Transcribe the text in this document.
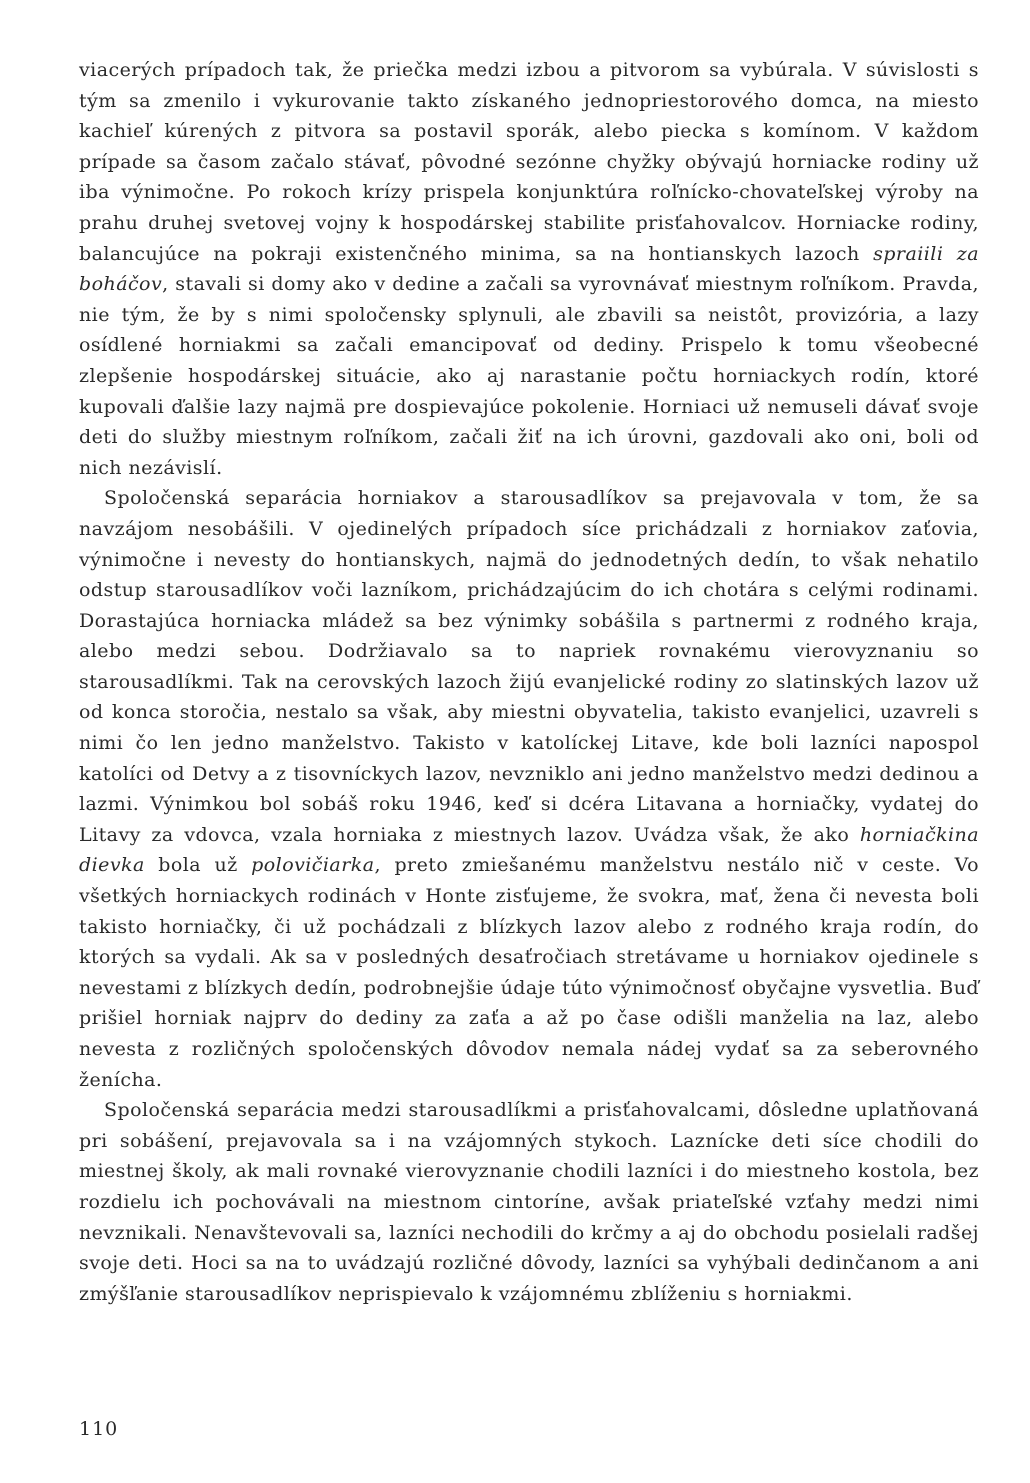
viacerých prípadoch tak, že priečka medzi izbou a pitvorom sa vybúrala. V súvislosti s tým sa zmenilo i vykurovanie takto získaného jednopriestorového domca, na miesto kachieľ kúrených z pitvora sa postavil sporák, alebo piecka s komínom. V každom prípade sa časom začalo stávať, pôvodné sezónne chyžky obývajú horniacke rodiny už iba výnimočne. Po rokoch krízy prispela konjunktúra roľnícko-chovateľskej výroby na prahu druhej svetovej vojny k hospodárskej stabilite prisťahovalcov. Horniacke rodiny, balancujúce na pokraji existenčného minima, sa na hontianskych lazoch spraiili za boháčov, stavali si domy ako v dedine a začali sa vyrovnávať miestnym roľníkom. Pravda, nie tým, že by s nimi spoločensky splynuli, ale zbavili sa neistôt, provizória, a lazy osídlené horniakmi sa začali emancipovať od dediny. Prispelo k tomu všeobecné zlepšenie hospodárskej situácie, ako aj narastanie počtu horniackych rodín, ktoré kupovali ďalšie lazy najmä pre dospievajúce pokolenie. Horniaci už nemuseli dávať svoje deti do služby miestnym roľníkom, začali žiť na ich úrovni, gazdovali ako oni, boli od nich nezávislí.

Spoločenská separácia horniakov a starousadlíkov sa prejavovala v tom, že sa navzájom nesobášili. V ojedinelých prípadoch síce prichádzali z horniakov zaťovia, výnimočne i nevesty do hontianskych, najmä do jednodetných dedín, to však nehatilo odstup starousadlíkov voči lazníkom, prichádzajúcim do ich chotára s celými rodinami. Dorastajúca horniacka mládež sa bez výnimky sobášila s partnermi z rodného kraja, alebo medzi sebou. Dodržiavalo sa to napriek rovnakému vierovyznaniu so starousadlíkmi. Tak na cerovských lazoch žijú evanjelické rodiny zo slatinských lazov už od konca storočia, nestalo sa však, aby miestni obyvatelia, takisto evanjelici, uzavreli s nimi čo len jedno manželstvo. Takisto v katolíckej Litave, kde boli lazníci napospol katolíci od Detvy a z tisovníckych lazov, nevzniklo ani jedno manželstvo medzi dedinou a lazmi. Výnimkou bol sobáš roku 1946, keď si dcéra Litavana a horniačky, vydatej do Litavy za vdovca, vzala horniaka z miestnych lazov. Uvádza však, že ako horniačkina dievka bola už polovičiarka, preto zmiešanému manželstvu nestálo nič v ceste. Vo všetkých horniackych rodinách v Honte zisťujeme, že svokra, mať, žena či nevesta boli takisto horniačky, či už pochádzali z blízkych lazov alebo z rodného kraja rodín, do ktorých sa vydali. Ak sa v posledných desaťročiach stretávame u horniakov ojedinele s nevestami z blízkych dedín, podrobnejšie údaje túto výnimočnosť obyčajne vysvetlia. Buď prišiel horniak najprv do dediny za zaťa a až po čase odišli manželia na laz, alebo nevesta z rozličných spoločenských dôvodov nemala nádej vydať sa za seberovného ženícha.

Spoločenská separácia medzi starousadlíkmi a prisťahovalcami, dôsledne uplatňovaná pri sobášení, prejavovala sa i na vzájomných stykoch. Laznícke deti síce chodili do miestnej školy, ak mali rovnaké vierovyznanie chodili lazníci i do miestneho kostola, bez rozdielu ich pochovávali na miestnom cintoríne, avšak priateľské vzťahy medzi nimi nevznikali. Nenavštevovali sa, lazníci nechodili do krčmy a aj do obchodu posielali radšej svoje deti. Hoci sa na to uvádzajú rozličné dôvody, lazníci sa vyhýbali dedinčanom a ani zmýšľanie starousadlíkov neprispievalo k vzájomnému zblíženiu s horniakmi.

110
